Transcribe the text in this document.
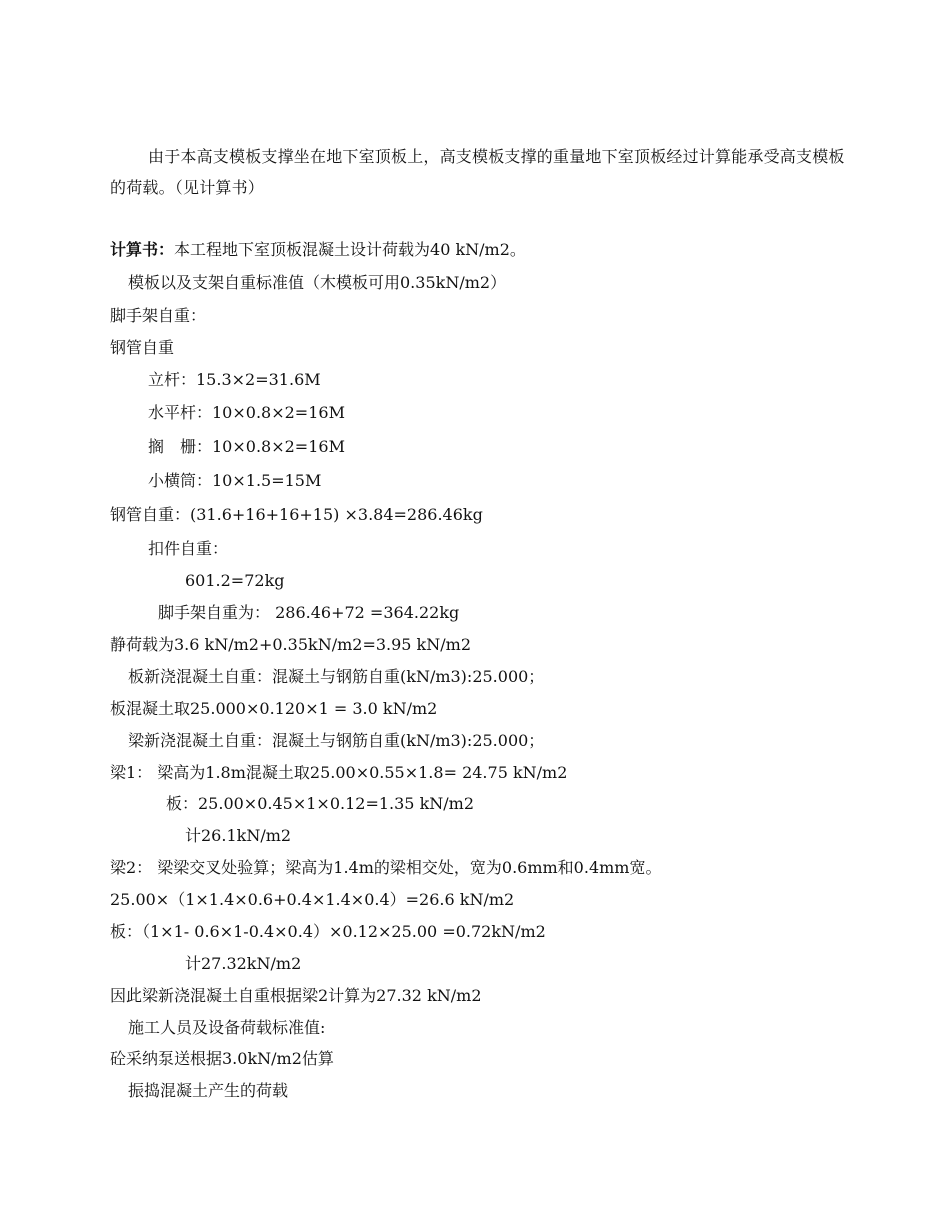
由于本高支模板支撑坐在地下室顶板上，高支模板支撑的重量地下室顶板经过计算能承受高支模板的荷载。（见计算书）
计算书：本工程地下室顶板混凝土设计荷载为40 kN/m2。
模板以及支架自重标准值（木模板可用0.35kN/m2）
脚手架自重：
钢管自重
立杆：15.3×2=31.6M
水平杆：10×0.8×2=16M
搁　栅：10×0.8×2=16M
小横筒：10×1.5=15M
钢管自重：(31.6+16+16+15) ×3.84=286.46kg
扣件自重：
601.2=72kg
脚手架自重为： 286.46+72 =364.22kg
静荷载为3.6 kN/m2+0.35kN/m2=3.95 kN/m2
板新浇混凝土自重：混凝土与钢筋自重(kN/m3):25.000；
板混凝土取25.000×0.120×1 = 3.0 kN/m2
梁新浇混凝土自重：混凝土与钢筋自重(kN/m3):25.000；
梁1： 梁高为1.8m混凝土取25.00×0.55×1.8= 24.75 kN/m2
板：25.00×0.45×1×0.12=1.35 kN/m2
计26.1kN/m2
梁2： 梁梁交叉处验算；梁高为1.4m的梁相交处，宽为0.6mm和0.4mm宽。
25.00×（1×1.4×0.6+0.4×1.4×0.4）=26.6 kN/m2
板：（1×1- 0.6×1-0.4×0.4）×0.12×25.00 =0.72kN/m2
计27.32kN/m2
因此梁新浇混凝土自重根据梁2计算为27.32 kN/m2
施工人员及设备荷载标准值:
砼采纳泵送根据3.0kN/m2估算
振捣混凝土产生的荷载
